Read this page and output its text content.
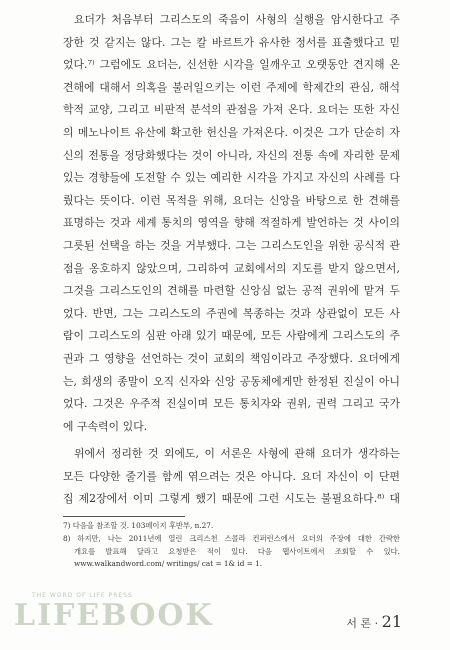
요더가 처음부터 그리스도의 죽음이 사형의 실행을 암시한다고 주
장한 것 같지는 않다. 그는 칼 바르트가 유사한 정서를 표출했다고 믿
었다.⁷⁾ 그럼에도 요더는, 신선한 시각을 일깨우고 오랫동안 견지해 온
견해에 대해서 의혹을 불러일으키는 이런 주제에 학제간의 관심, 해석
학적 교양, 그리고 비판적 분석의 관점을 가져 온다. 요더는 또한 자신
의 메노나이트 유산에 확고한 헌신을 가져온다. 이것은 그가 단순히 자
신의 전통을 정당화했다는 것이 아니라, 자신의 전통 속에 자리한 문제
있는 경향들에 도전할 수 있는 예리한 시각을 가지고 자신의 사례를 다
뤘다는 뜻이다. 이런 목적을 위해, 요더는 신앙을 바탕으로 한 견해를
표명하는 것과 세계 통치의 영역을 향해 적절하게 발언하는 것 사이의
그릇된 선택을 하는 것을 거부했다. 그는 그리스도인을 위한 공식적 관
점을 옹호하지 않았으며, 그리하여 교회에서의 지도를 받지 않으면서,
그것을 그리스도인의 견해를 마련할 신앙심 없는 공적 권위에 맡겨 두
었다. 반면, 그는 그리스도의 주권에 복종하는 것과 상관없이 모든 사
람이 그리스도의 심판 아래 있기 때문에, 모든 사람에게 그리스도의 주
권과 그 영향을 선언하는 것이 교회의 책임이라고 주장했다. 요더에게
는, 희생의 종말이 오직 신자와 신앙 공동체에게만 한정된 진실이 아니
었다. 그것은 우주적 진실이며 모든 통치자와 권위, 권력 그리고 국가
에 구속력이 있다.
위에서 정리한 것 외에도, 이 서론은 사형에 관해 요더가 생각하는
모든 다양한 줄기를 함께 엮으려는 것은 아니다. 요더 자신이 이 단편
집 제2장에서 이미 그렇게 했기 때문에 그런 시도는 불필요하다.⁸⁾ 대
7) 다음을 참조할 것. 103페이지 후반부, n.27.
8) 하지만, 나는 2011년에 열린 크리스천 스콜라 컨퍼런스에서 요더의 주장에 대한 간략한
개요를 발표해 달라고 요청받은 적이 있다. 다음 웹사이트에서 조회할 수 있다.
www.walkandword.com/ writings/ cat = 1& id = 1.
THE WORD OF LIFE PRESS
LIFEBOOK	서 론 · 21
